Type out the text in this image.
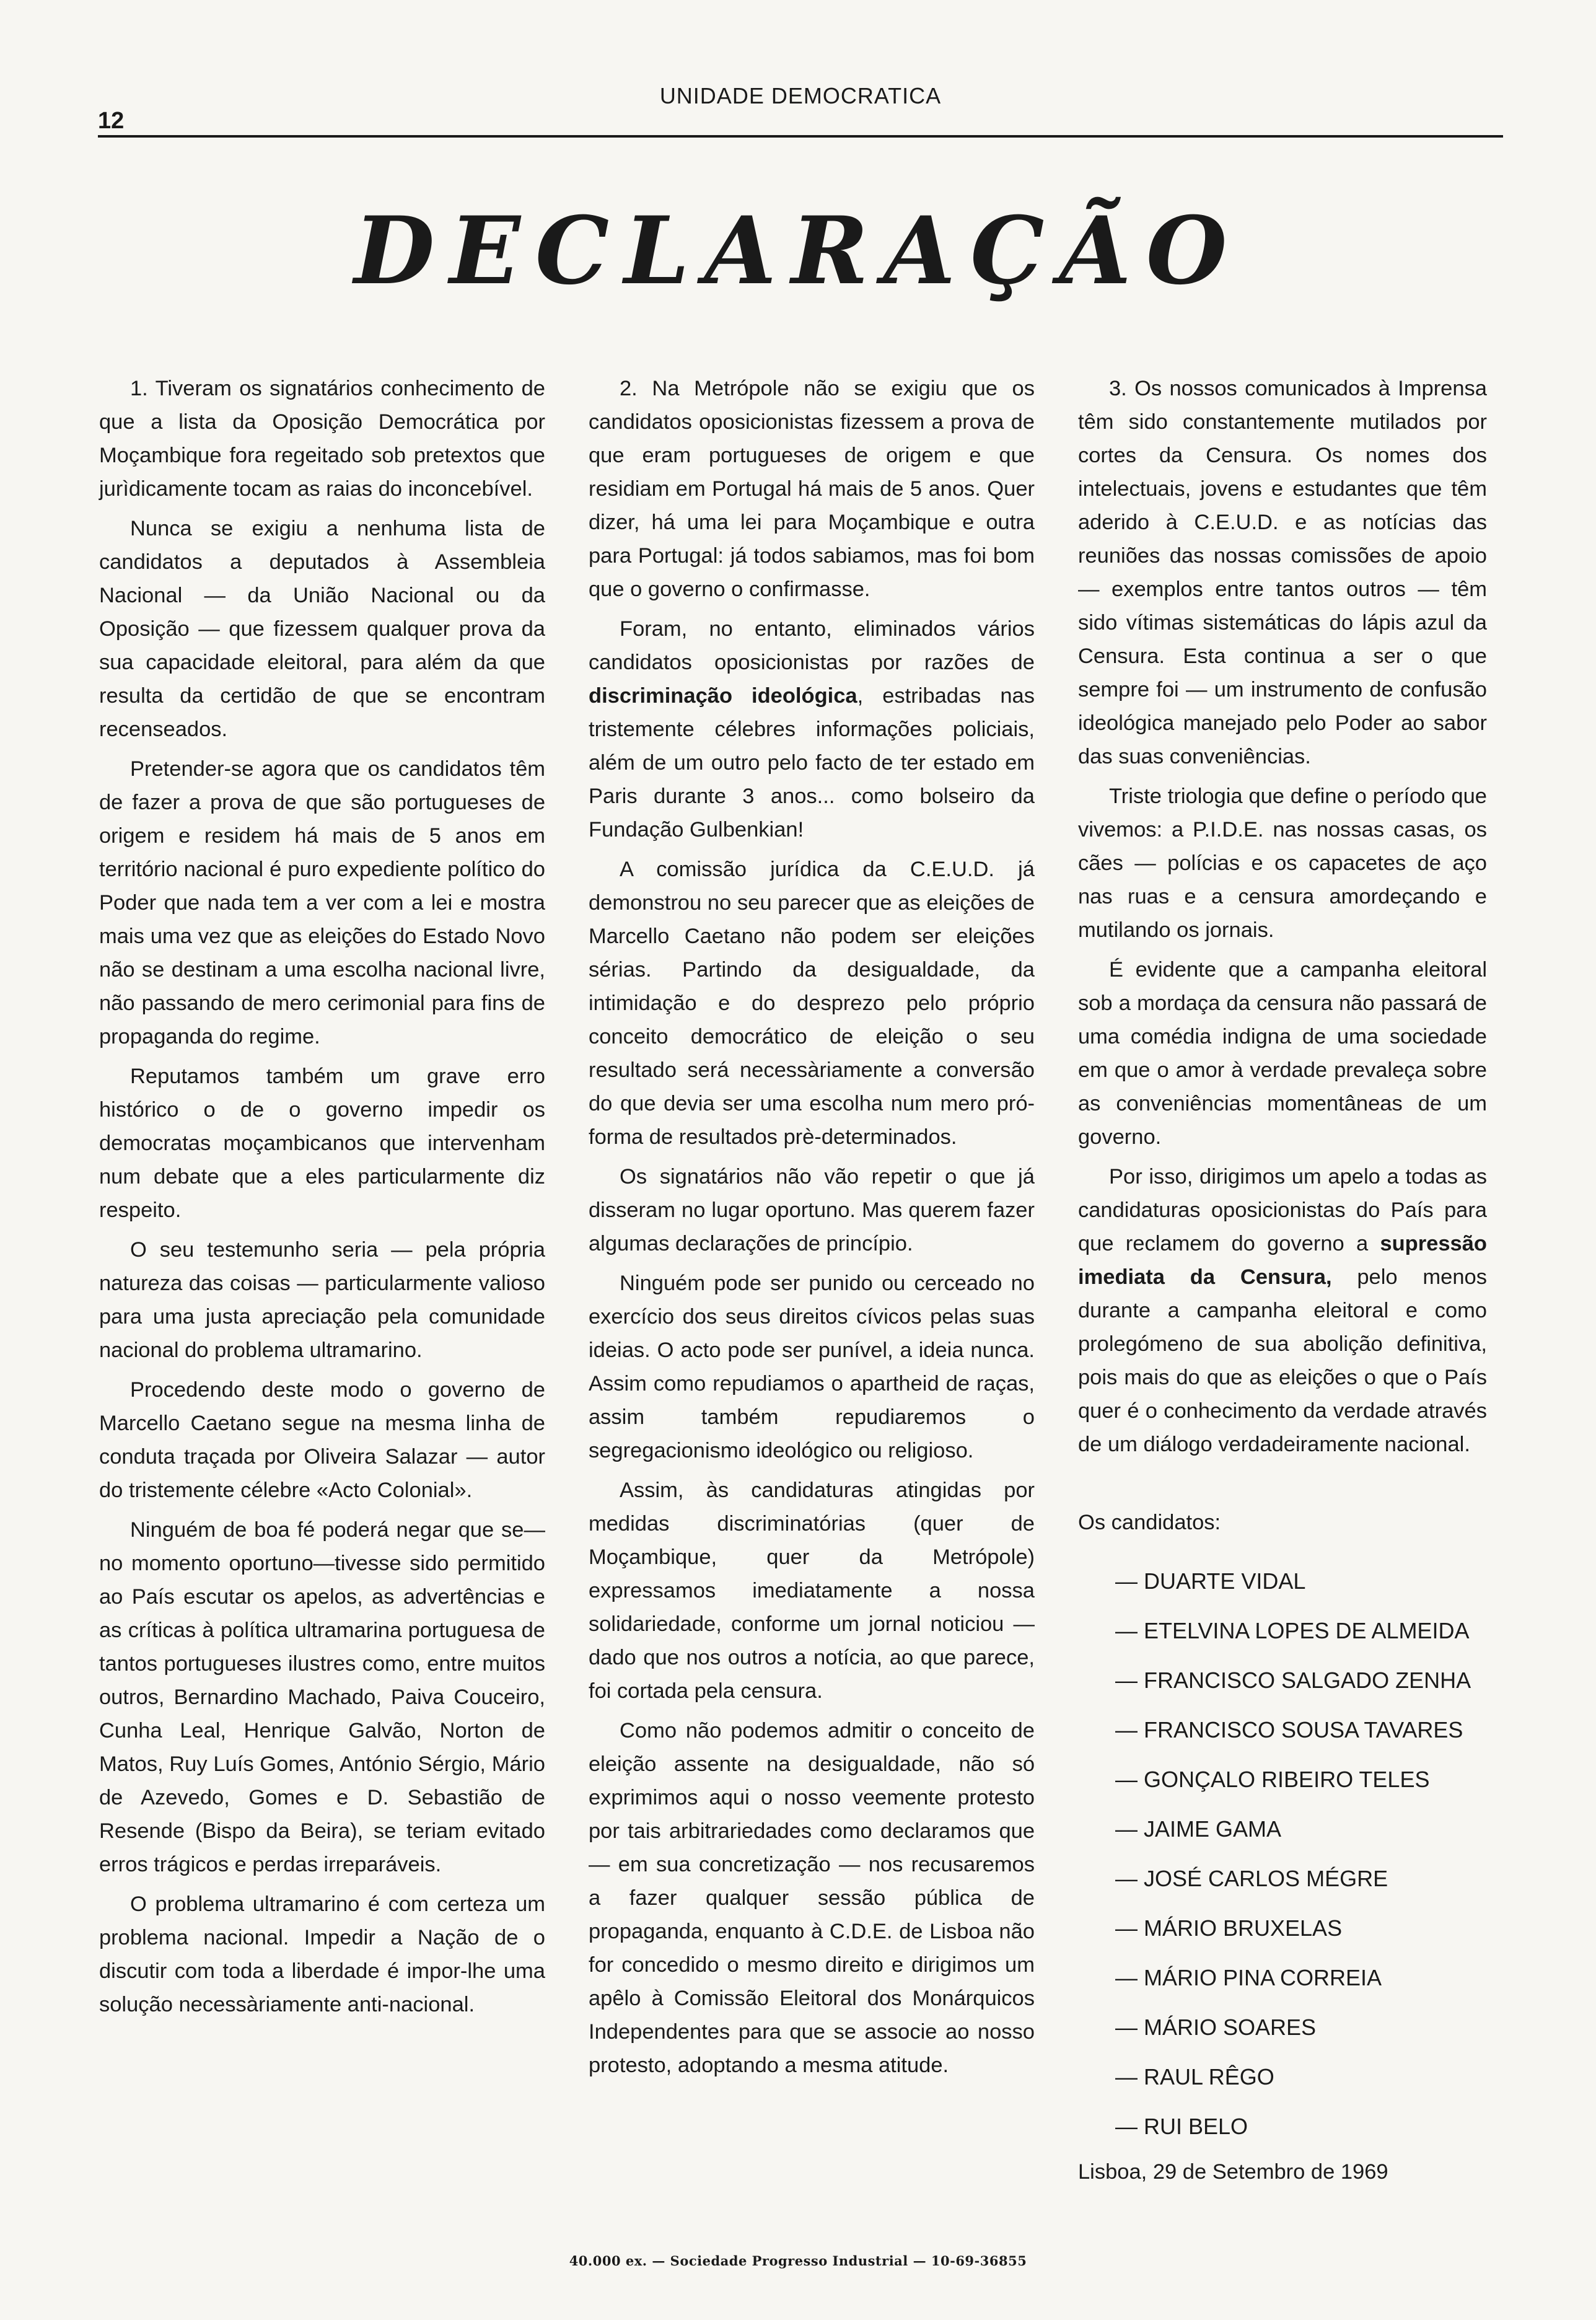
12
UNIDADE DEMOCRATICA
DECLARAÇÃO

1. Tiveram os signatários conhecimento de que a lista da Oposição Democrática por Moçambique fora regeitado sob pretextos que jurìdicamente tocam as raias do inconcebível.

Nunca se exigiu a nenhuma lista de candidatos a deputados à Assembleia Nacional — da União Nacional ou da Oposição — que fizessem qualquer prova da sua capacidade eleitoral, para além da que resulta da certidão de que se encontram recenseados.

Pretender-se agora que os candidatos têm de fazer a prova de que são portugueses de origem e residem há mais de 5 anos em território nacional é puro expediente político do Poder que nada tem a ver com a lei e mostra mais uma vez que as eleições do Estado Novo não se destinam a uma escolha nacional livre, não passando de mero cerimonial para fins de propaganda do regime.

Reputamos também um grave erro histórico o de o governo impedir os democratas moçambicanos que intervenham num debate que a eles particularmente diz respeito.

O seu testemunho seria — pela própria natureza das coisas — particularmente valioso para uma justa apreciação pela comunidade nacional do problema ultramarino.

Procedendo deste modo o governo de Marcello Caetano segue na mesma linha de conduta traçada por Oliveira Salazar — autor do tristemente célebre «Acto Colonial».

Ninguém de boa fé poderá negar que se—no momento oportuno—tivesse sido permitido ao País escutar os apelos, as advertências e as críticas à política ultramarina portuguesa de tantos portugueses ilustres como, entre muitos outros, Bernardino Machado, Paiva Couceiro, Cunha Leal, Henrique Galvão, Norton de Matos, Ruy Luís Gomes, António Sérgio, Mário de Azevedo, Gomes e D. Sebastião de Resende (Bispo da Beira), se teriam evitado erros trágicos e perdas irreparáveis.

O problema ultramarino é com certeza um problema nacional. Impedir a Nação de o discutir com toda a liberdade é impor-lhe uma solução necessàriamente anti-nacional.

2. Na Metrópole não se exigiu que os candidatos oposicionistas fizessem a prova de que eram portugueses de origem e que residiam em Portugal há mais de 5 anos. Quer dizer, há uma lei para Moçambique e outra para Portugal: já todos sabiamos, mas foi bom que o governo o confirmasse.

Foram, no entanto, eliminados vários candidatos oposicionistas por razões de discriminação ideológica, estribadas nas tristemente célebres informações policiais, além de um outro pelo facto de ter estado em Paris durante 3 anos... como bolseiro da Fundação Gulbenkian!

A comissão jurídica da C.E.U.D. já demonstrou no seu parecer que as eleições de Marcello Caetano não podem ser eleições sérias. Partindo da desigualdade, da intimidação e do desprezo pelo próprio conceito democrático de eleição o seu resultado será necessàriamente a conversão do que devia ser uma escolha num mero pró-forma de resultados prè-determinados.

Os signatários não vão repetir o que já disseram no lugar oportuno. Mas querem fazer algumas declarações de princípio.

Ninguém pode ser punido ou cerceado no exercício dos seus direitos cívicos pelas suas ideias. O acto pode ser punível, a ideia nunca. Assim como repudiamos o apartheid de raças, assim também repudiaremos o segregacionismo ideológico ou religioso.

Assim, às candidaturas atingidas por medidas discriminatórias (quer de Moçambique, quer da Metrópole) expressamos imediatamente a nossa solidariedade, conforme um jornal noticiou — dado que nos outros a notícia, ao que parece, foi cortada pela censura.

Como não podemos admitir o conceito de eleição assente na desigualdade, não só exprimimos aqui o nosso veemente protesto por tais arbitrariedades como declaramos que — em sua concretização — nos recusaremos a fazer qualquer sessão pública de propaganda, enquanto à C.D.E. de Lisboa não for concedido o mesmo direito e dirigimos um apêlo à Comissão Eleitoral dos Monárquicos Independentes para que se associe ao nosso protesto, adoptando a mesma atitude.

3. Os nossos comunicados à Imprensa têm sido constantemente mutilados por cortes da Censura. Os nomes dos intelectuais, jovens e estudantes que têm aderido à C.E.U.D. e as notícias das reuniões das nossas comissões de apoio — exemplos entre tantos outros — têm sido vítimas sistemáticas do lápis azul da Censura. Esta continua a ser o que sempre foi — um instrumento de confusão ideológica manejado pelo Poder ao sabor das suas conveniências.

Triste triologia que define o período que vivemos: a P.I.D.E. nas nossas casas, os cães — polícias e os capacetes de aço nas ruas e a censura amordeçando e mutilando os jornais.

É evidente que a campanha eleitoral sob a mordaça da censura não passará de uma comédia indigna de uma sociedade em que o amor à verdade prevaleça sobre as conveniências momentâneas de um governo.

Por isso, dirigimos um apelo a todas as candidaturas oposicionistas do País para que reclamem do governo a supressão imediata da Censura, pelo menos durante a campanha eleitoral e como prolegómeno de sua abolição definitiva, pois mais do que as eleições o que o País quer é o conhecimento da verdade através de um diálogo verdadeiramente nacional.

Os candidatos:
— DUARTE VIDAL
— ETELVINA LOPES DE ALMEIDA
— FRANCISCO SALGADO ZENHA
— FRANCISCO SOUSA TAVARES
— GONÇALO RIBEIRO TELES
— JAIME GAMA
— JOSÉ CARLOS MÉGRE
— MÁRIO BRUXELAS
— MÁRIO PINA CORREIA
— MÁRIO SOARES
— RAUL RÊGO
— RUI BELO
Lisboa, 29 de Setembro de 1969
40.000 ex. — Sociedade Progresso Industrial — 10-69-36855
